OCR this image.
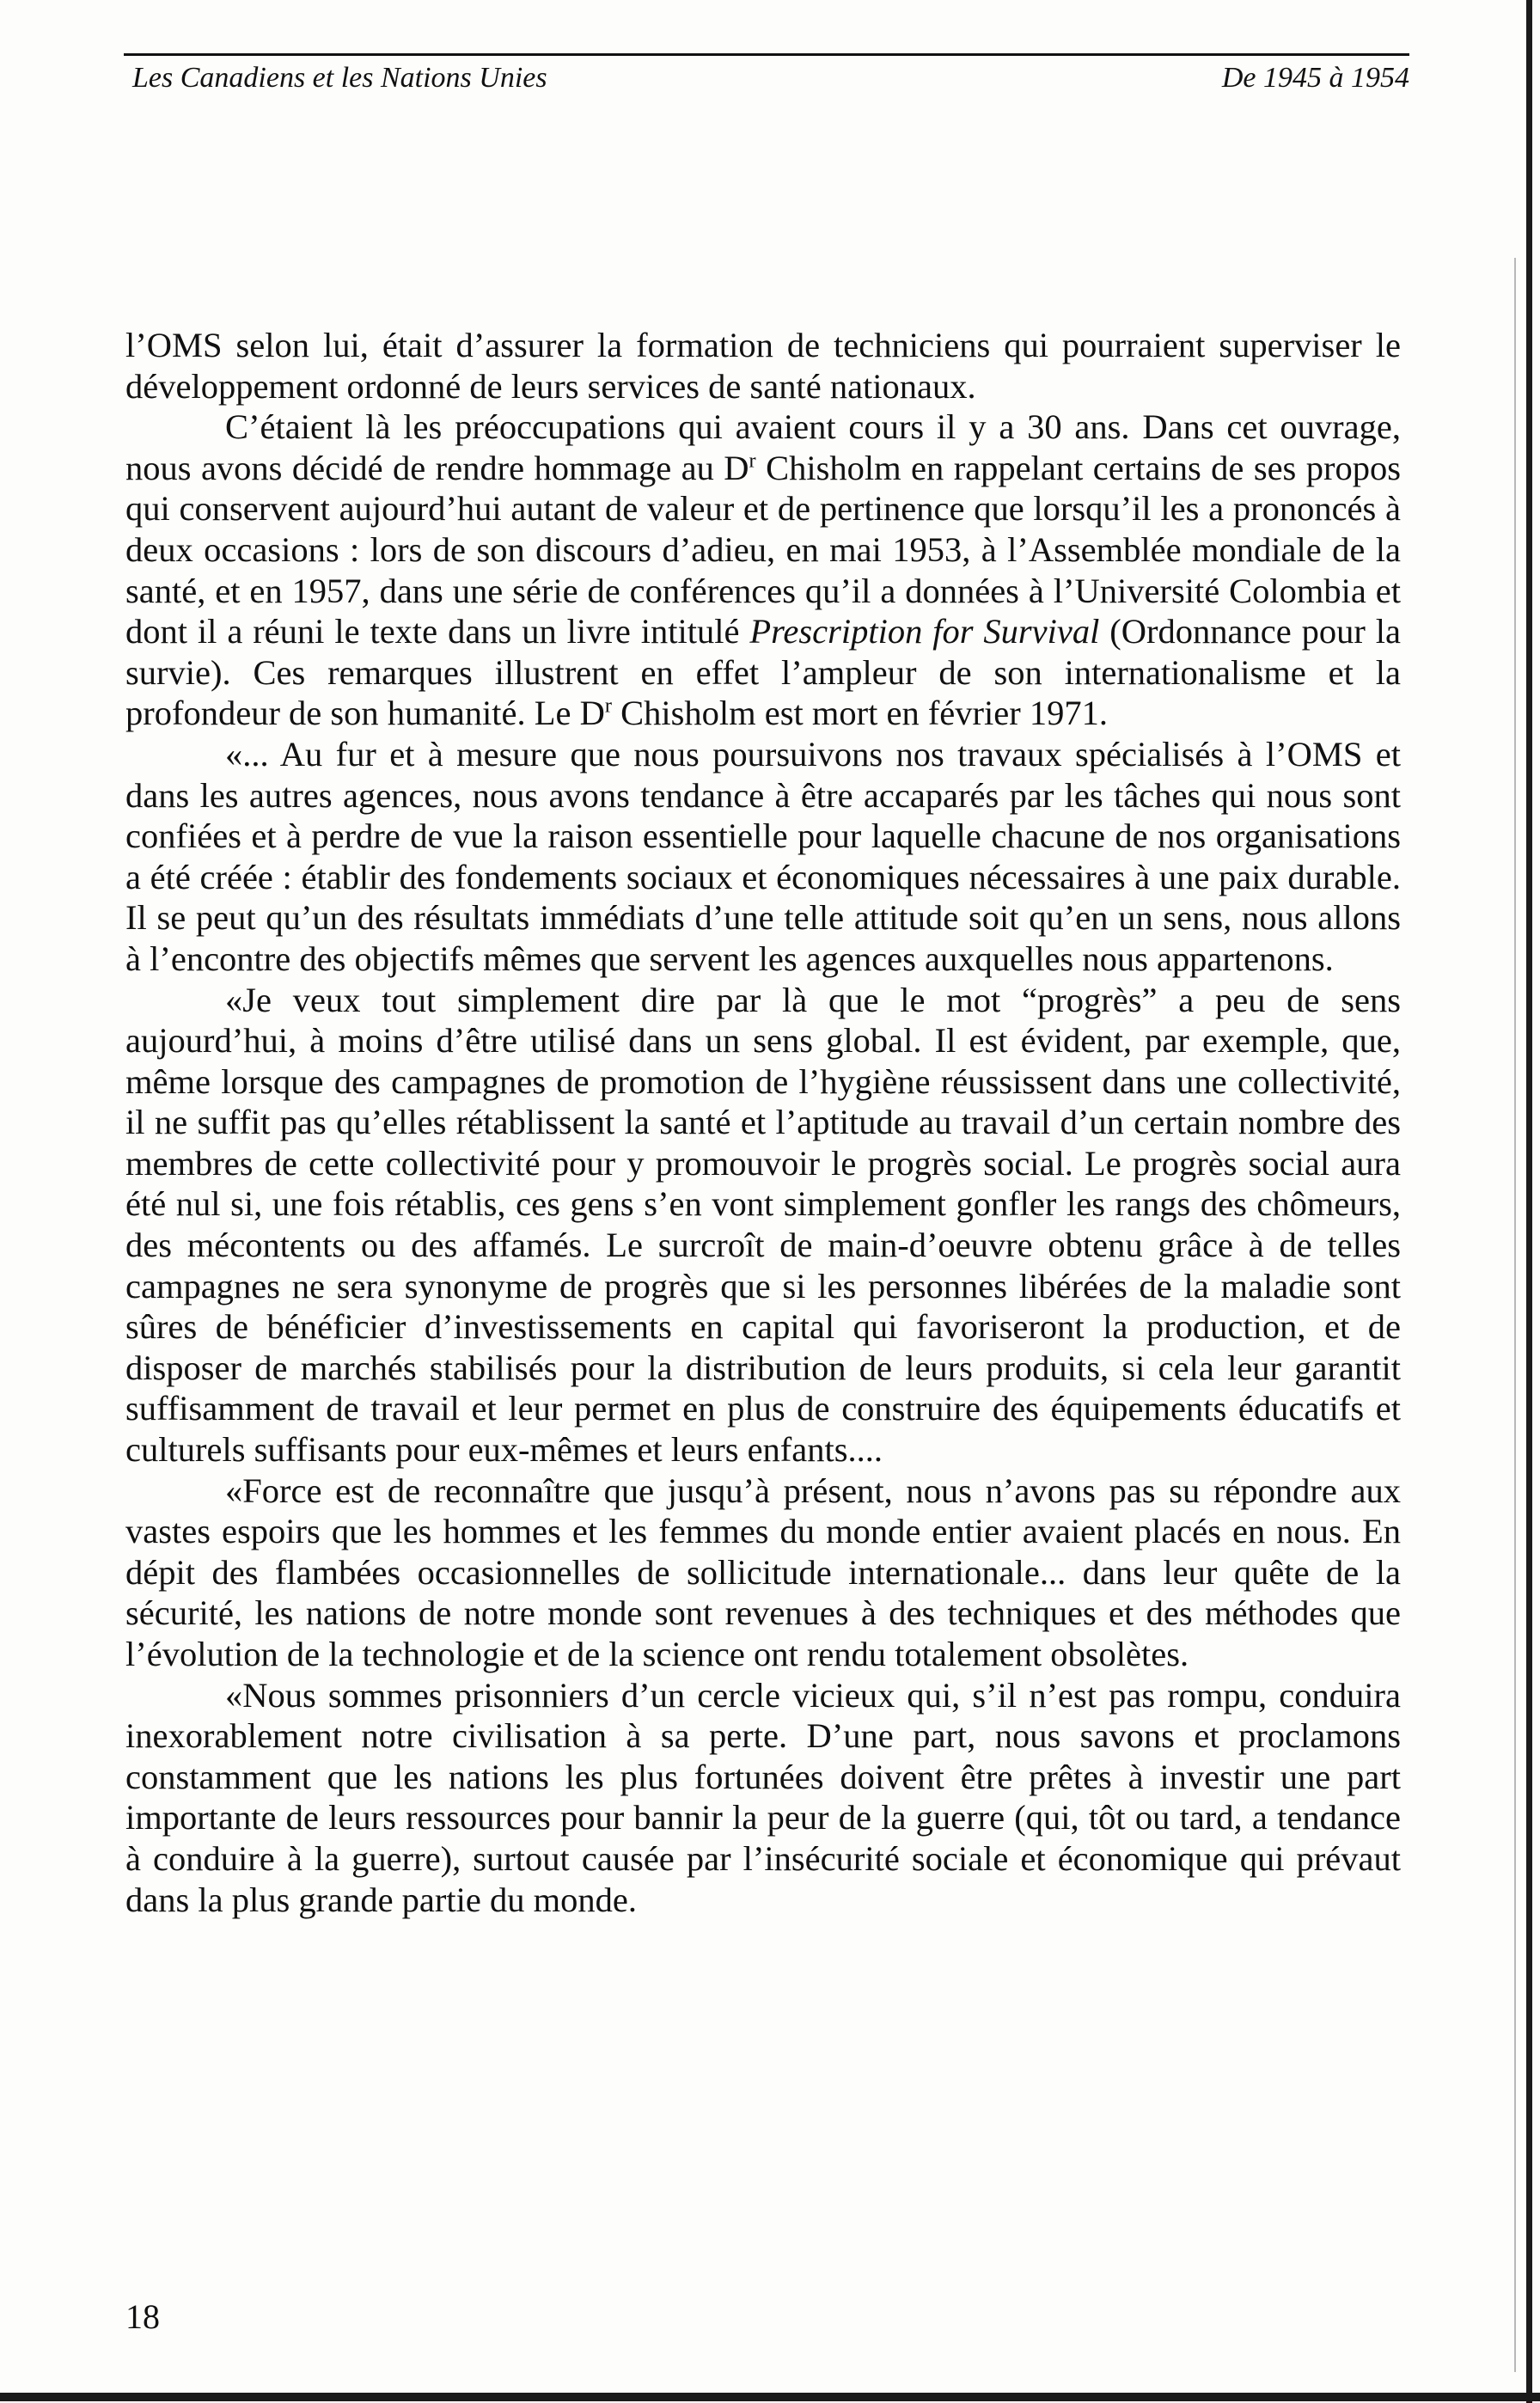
Les Canadiens et les Nations Unies	De 1945 à 1954

l’OMS selon lui, était d’assurer la formation de techniciens qui pourraient superviser le développement ordonné de leurs services de santé nationaux.

C’étaient là les préoccupations qui avaient cours il y a 30 ans. Dans cet ouvrage, nous avons décidé de rendre hommage au $D^r$ Chisholm en rappelant certains de ses propos qui conservent aujourd’hui autant de valeur et de pertinence que lorsqu’il les a prononcés à deux occasions : lors de son discours d’adieu, en mai 1953, à l’Assemblée mondiale de la santé, et en 1957, dans une série de conférences qu’il a données à l’Université Colombia et dont il a réuni le texte dans un livre intitulé Prescription for Survival (Ordonnance pour la survie). Ces remarques illustrent en effet l’ampleur de son internationalisme et la profondeur de son humanité. Le $D^r$ Chisholm est mort en février 1971.

«... Au fur et à mesure que nous poursuivons nos travaux spécialisés à l’OMS et dans les autres agences, nous avons tendance à être accaparés par les tâches qui nous sont confiées et à perdre de vue la raison essentielle pour laquelle chacune de nos organisations a été créée : établir des fondements sociaux et économiques nécessaires à une paix durable. Il se peut qu’un des résultats immédiats d’une telle attitude soit qu’en un sens, nous allons à l’encontre des objectifs mêmes que servent les agences auxquelles nous appartenons.

«Je veux tout simplement dire par là que le mot “progrès” a peu de sens aujourd’hui, à moins d’être utilisé dans un sens global. Il est évident, par exemple, que, même lorsque des campagnes de promotion de l’hygiène réussissent dans une collectivité, il ne suffit pas qu’elles rétablissent la santé et l’aptitude au travail d’un certain nombre des membres de cette collectivité pour y promouvoir le progrès social. Le progrès social aura été nul si, une fois rétablis, ces gens s’en vont simplement gonfler les rangs des chômeurs, des mécontents ou des affamés. Le surcroît de main-d’oeuvre obtenu grâce à de telles campagnes ne sera synonyme de progrès que si les personnes libérées de la maladie sont sûres de bénéficier d’investissements en capital qui favoriseront la production, et de disposer de marchés stabilisés pour la distribution de leurs produits, si cela leur garantit suffisamment de travail et leur permet en plus de construire des équipements éducatifs et culturels suffisants pour eux-mêmes et leurs enfants....

«Force est de reconnaître que jusqu’à présent, nous n’avons pas su répondre aux vastes espoirs que les hommes et les femmes du monde entier avaient placés en nous. En dépit des flambées occasionnelles de sollicitude internationale... dans leur quête de la sécurité, les nations de notre monde sont revenues à des techniques et des méthodes que l’évolution de la technologie et de la science ont rendu totalement obsolètes.

«Nous sommes prisonniers d’un cercle vicieux qui, s’il n’est pas rompu, conduira inexorablement notre civilisation à sa perte. D’une part, nous savons et proclamons constamment que les nations les plus fortunées doivent être prêtes à investir une part importante de leurs ressources pour bannir la peur de la guerre (qui, tôt ou tard, a tendance à conduire à la guerre), surtout causée par l’insécurité sociale et économique qui prévaut dans la plus grande partie du monde.

18
